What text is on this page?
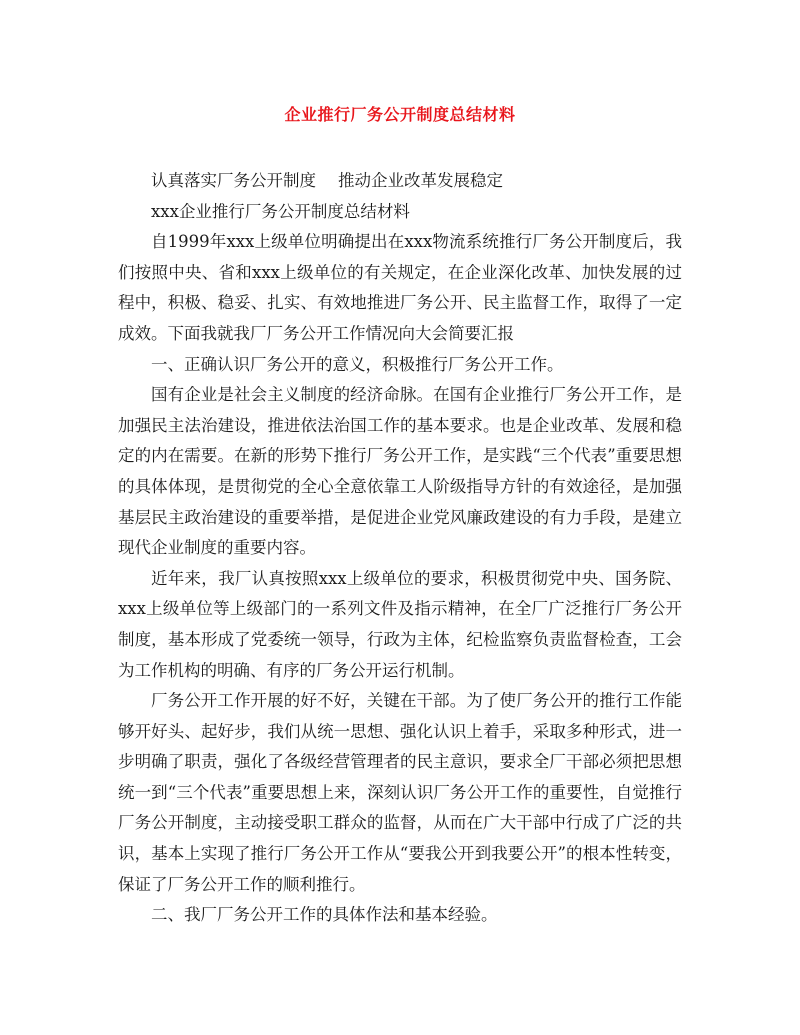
企业推行厂务公开制度总结材料

认真落实厂务公开制度 推动企业改革发展稳定

xxx企业推行厂务公开制度总结材料

自1999年xxx上级单位明确提出在xxx物流系统推行厂务公开制度后，我们按照中央、省和xxx上级单位的有关规定，在企业深化改革、加快发展的过程中，积极、稳妥、扎实、有效地推进厂务公开、民主监督工作，取得了一定成效。下面我就我厂厂务公开工作情况向大会简要汇报

一、正确认识厂务公开的意义，积极推行厂务公开工作。

国有企业是社会主义制度的经济命脉。在国有企业推行厂务公开工作，是加强民主法治建设，推进依法治国工作的基本要求。也是企业改革、发展和稳定的内在需要。在新的形势下推行厂务公开工作，是实践“三个代表”重要思想的具体体现，是贯彻党的全心全意依靠工人阶级指导方针的有效途径，是加强基层民主政治建设的重要举措，是促进企业党风廉政建设的有力手段，是建立现代企业制度的重要内容。

近年来，我厂认真按照xxx上级单位的要求，积极贯彻党中央、国务院、xxx上级单位等上级部门的一系列文件及指示精神，在全厂广泛推行厂务公开制度，基本形成了党委统一领导，行政为主体，纪检监察负责监督检查，工会为工作机构的明确、有序的厂务公开运行机制。

厂务公开工作开展的好不好，关键在干部。为了使厂务公开的推行工作能够开好头、起好步，我们从统一思想、强化认识上着手，采取多种形式，进一步明确了职责，强化了各级经营管理者的民主意识，要求全厂干部必须把思想统一到“三个代表”重要思想上来，深刻认识厂务公开工作的重要性，自觉推行厂务公开制度，主动接受职工群众的监督，从而在广大干部中行成了广泛的共识，基本上实现了推行厂务公开工作从“要我公开到我要公开”的根本性转变，保证了厂务公开工作的顺利推行。

二、我厂厂务公开工作的具体作法和基本经验。
